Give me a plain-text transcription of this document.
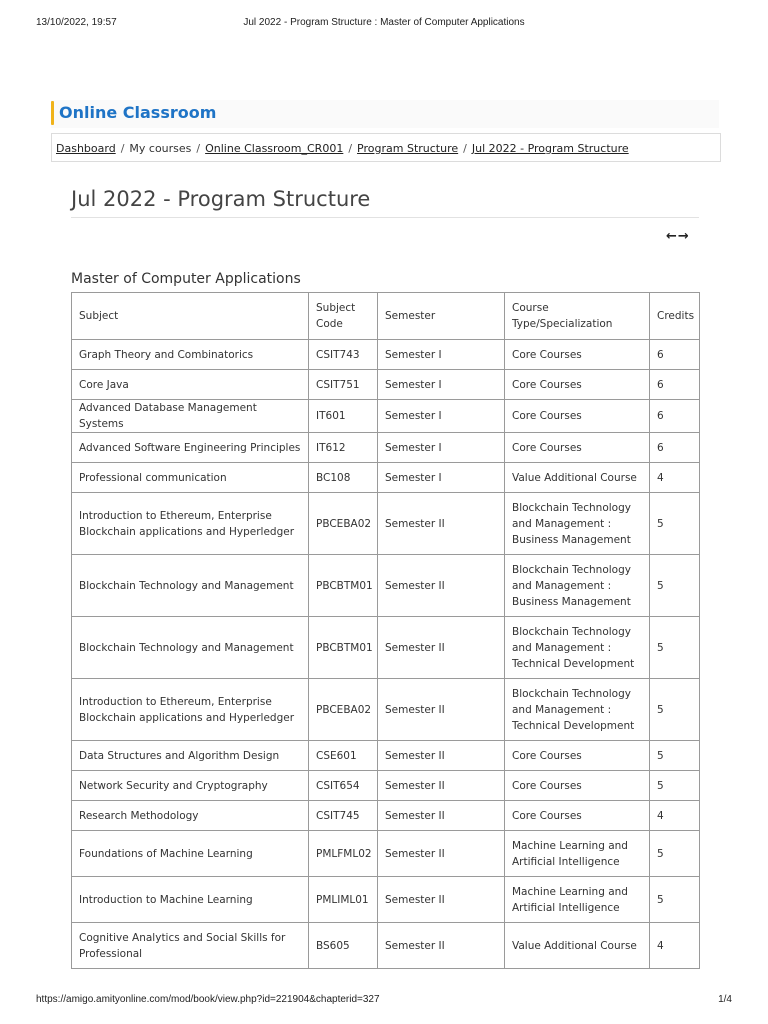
13/10/2022, 19:57	Jul 2022 - Program Structure : Master of Computer Applications
Online Classroom
Dashboard / My courses / Online Classroom_CR001 / Program Structure / Jul 2022 - Program Structure
Jul 2022 - Program Structure
←→
Master of Computer Applications
Subject	Subject Code	Semester	Course Type/Specialization	Credits
Graph Theory and Combinatorics	CSIT743	Semester I	Core Courses	6
Core Java	CSIT751	Semester I	Core Courses	6
Advanced Database Management Systems	IT601	Semester I	Core Courses	6
Advanced Software Engineering Principles	IT612	Semester I	Core Courses	6
Professional communication	BC108	Semester I	Value Additional Course	4
Introduction to Ethereum, Enterprise Blockchain applications and Hyperledger	PBCEBA02	Semester II	Blockchain Technology and Management : Business Management	5
Blockchain Technology and Management	PBCBTM01	Semester II	Blockchain Technology and Management : Business Management	5
Blockchain Technology and Management	PBCBTM01	Semester II	Blockchain Technology and Management : Technical Development	5
Introduction to Ethereum, Enterprise Blockchain applications and Hyperledger	PBCEBA02	Semester II	Blockchain Technology and Management : Technical Development	5
Data Structures and Algorithm Design	CSE601	Semester II	Core Courses	5
Network Security and Cryptography	CSIT654	Semester II	Core Courses	5
Research Methodology	CSIT745	Semester II	Core Courses	4
Foundations of Machine Learning	PMLFML02	Semester II	Machine Learning and Artificial Intelligence	5
Introduction to Machine Learning	PMLIML01	Semester II	Machine Learning and Artificial Intelligence	5
Cognitive Analytics and Social Skills for Professional	BS605	Semester II	Value Additional Course	4
https://amigo.amityonline.com/mod/book/view.php?id=221904&chapterid=327	1/4
